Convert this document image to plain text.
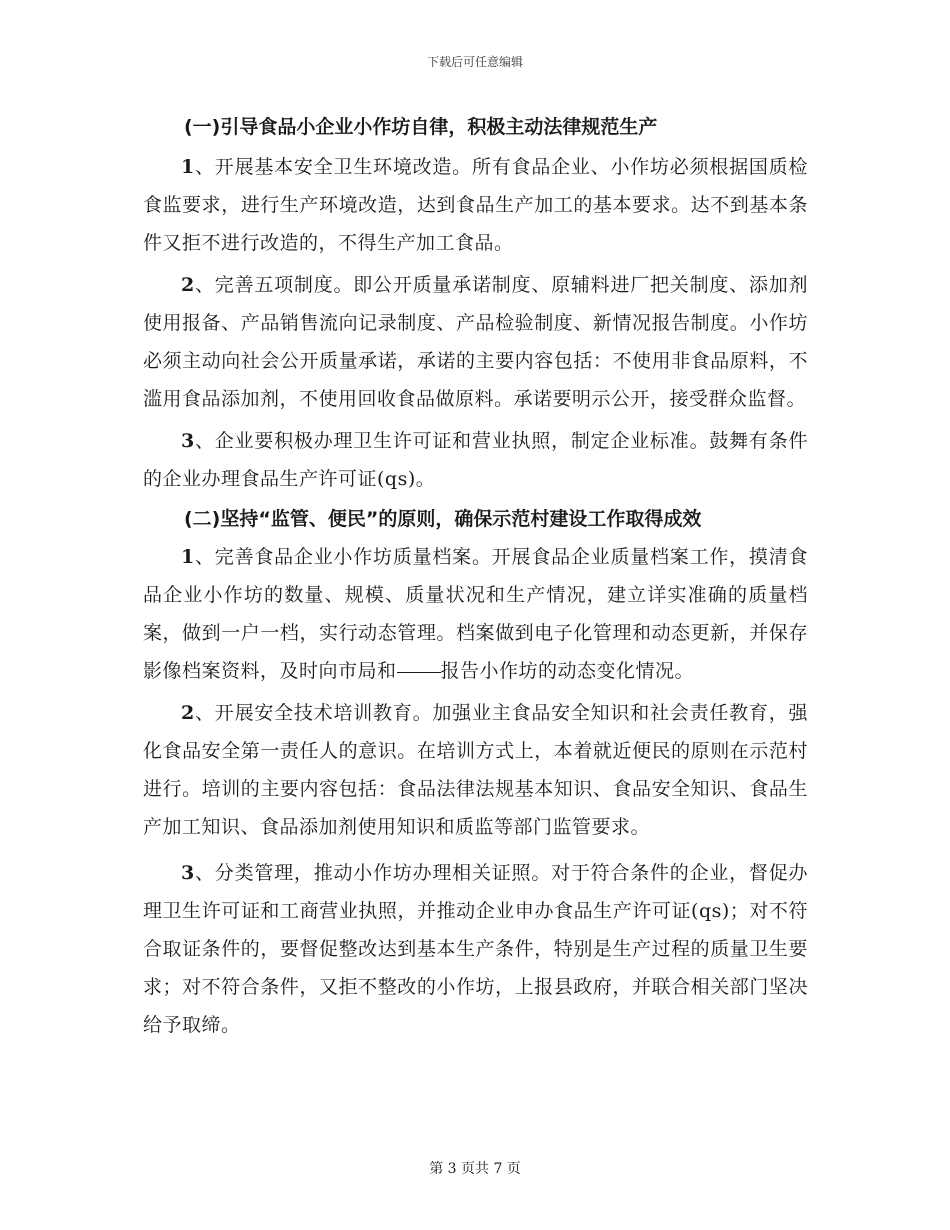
下载后可任意编辑

(一)引导食品小企业小作坊自律，积极主动法律规范生产

1、开展基本安全卫生环境改造。所有食品企业、小作坊必须根据国质检食监要求，进行生产环境改造，达到食品生产加工的基本要求。达不到基本条件又拒不进行改造的，不得生产加工食品。

2、完善五项制度。即公开质量承诺制度、原辅料进厂把关制度、添加剂使用报备、产品销售流向记录制度、产品检验制度、新情况报告制度。小作坊必须主动向社会公开质量承诺，承诺的主要内容包括：不使用非食品原料，不滥用食品添加剂，不使用回收食品做原料。承诺要明示公开，接受群众监督。

3、企业要积极办理卫生许可证和营业执照，制定企业标准。鼓舞有条件的企业办理食品生产许可证(qs)。

(二)坚持“监管、便民”的原则，确保示范村建设工作取得成效

1、完善食品企业小作坊质量档案。开展食品企业质量档案工作，摸清食品企业小作坊的数量、规模、质量状况和生产情况，建立详实准确的质量档案，做到一户一档，实行动态管理。档案做到电子化管理和动态更新，并保存影像档案资料，及时向市局和 报告小作坊的动态变化情况。

2、开展安全技术培训教育。加强业主食品安全知识和社会责任教育，强化食品安全第一责任人的意识。在培训方式上，本着就近便民的原则在示范村进行。培训的主要内容包括：食品法律法规基本知识、食品安全知识、食品生产加工知识、食品添加剂使用知识和质监等部门监管要求。

3、分类管理，推动小作坊办理相关证照。对于符合条件的企业，督促办理卫生许可证和工商营业执照，并推动企业申办食品生产许可证(qs)；对不符合取证条件的，要督促整改达到基本生产条件，特别是生产过程的质量卫生要求；对不符合条件，又拒不整改的小作坊，上报县政府，并联合相关部门坚决给予取缔。

第 3 页共 7 页
